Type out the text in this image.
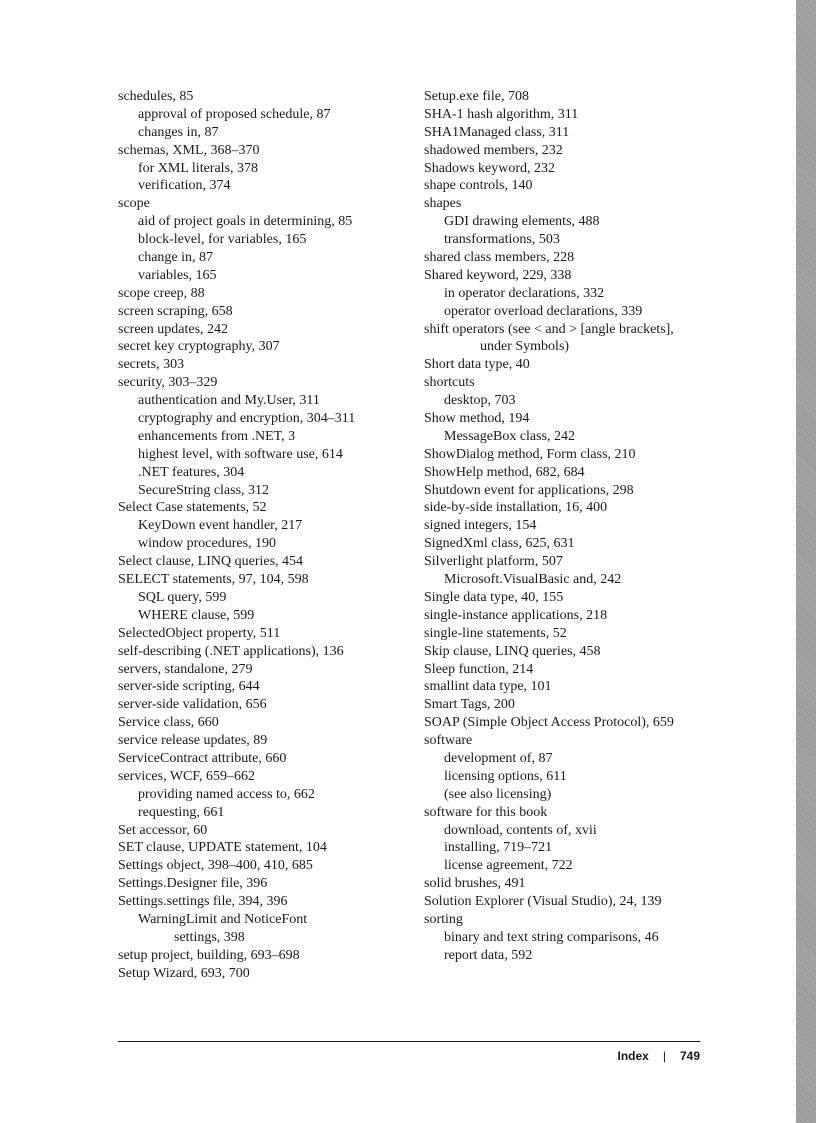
schedules, 85
approval of proposed schedule, 87
changes in, 87
schemas, XML, 368–370
for XML literals, 378
verification, 374
scope
aid of project goals in determining, 85
block-level, for variables, 165
change in, 87
variables, 165
scope creep, 88
screen scraping, 658
screen updates, 242
secret key cryptography, 307
secrets, 303
security, 303–329
authentication and My.User, 311
cryptography and encryption, 304–311
enhancements from .NET, 3
highest level, with software use, 614
.NET features, 304
SecureString class, 312
Select Case statements, 52
KeyDown event handler, 217
window procedures, 190
Select clause, LINQ queries, 454
SELECT statements, 97, 104, 598
SQL query, 599
WHERE clause, 599
SelectedObject property, 511
self-describing (.NET applications), 136
servers, standalone, 279
server-side scripting, 644
server-side validation, 656
Service class, 660
service release updates, 89
ServiceContract attribute, 660
services, WCF, 659–662
providing named access to, 662
requesting, 661
Set accessor, 60
SET clause, UPDATE statement, 104
Settings object, 398–400, 410, 685
Settings.Designer file, 396
Settings.settings file, 394, 396
WarningLimit and NoticeFont
settings, 398
setup project, building, 693–698
Setup Wizard, 693, 700
Setup.exe file, 708
SHA-1 hash algorithm, 311
SHA1Managed class, 311
shadowed members, 232
Shadows keyword, 232
shape controls, 140
shapes
GDI drawing elements, 488
transformations, 503
shared class members, 228
Shared keyword, 229, 338
in operator declarations, 332
operator overload declarations, 339
shift operators (see < and > [angle brackets],
under Symbols)
Short data type, 40
shortcuts
desktop, 703
Show method, 194
MessageBox class, 242
ShowDialog method, Form class, 210
ShowHelp method, 682, 684
Shutdown event for applications, 298
side-by-side installation, 16, 400
signed integers, 154
SignedXml class, 625, 631
Silverlight platform, 507
Microsoft.VisualBasic and, 242
Single data type, 40, 155
single-instance applications, 218
single-line statements, 52
Skip clause, LINQ queries, 458
Sleep function, 214
smallint data type, 101
Smart Tags, 200
SOAP (Simple Object Access Protocol), 659
software
development of, 87
licensing options, 611
(see also licensing)
software for this book
download, contents of, xvii
installing, 719–721
license agreement, 722
solid brushes, 491
Solution Explorer (Visual Studio), 24, 139
sorting
binary and text string comparisons, 46
report data, 592
Index | 749
